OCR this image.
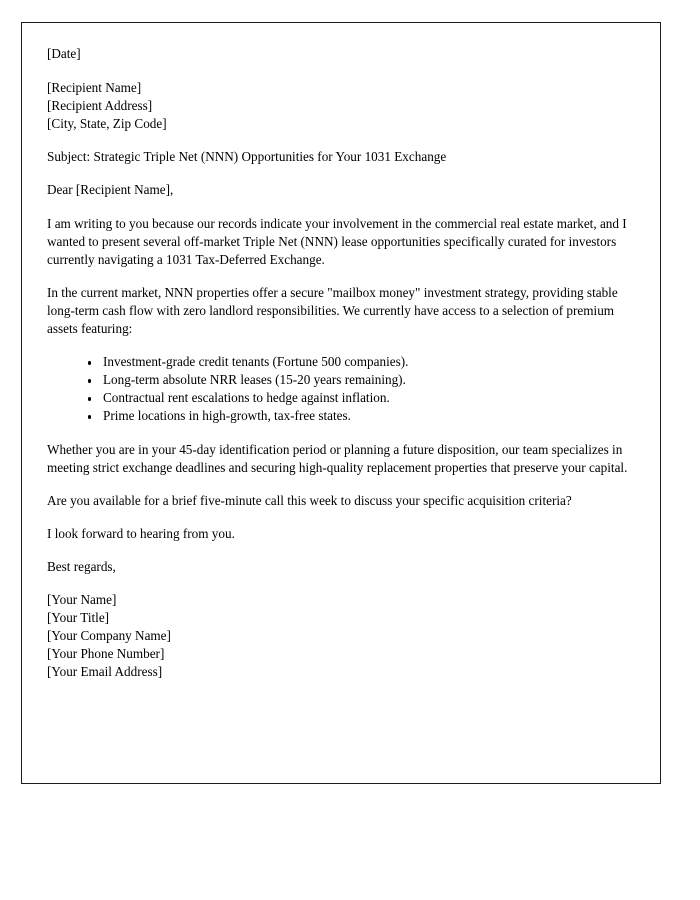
[Date]

[Recipient Name]
[Recipient Address]
[City, State, Zip Code]

Subject: Strategic Triple Net (NNN) Opportunities for Your 1031 Exchange

Dear [Recipient Name],

I am writing to you because our records indicate your involvement in the commercial real estate market, and I wanted to present several off-market Triple Net (NNN) lease opportunities specifically curated for investors currently navigating a 1031 Tax-Deferred Exchange.

In the current market, NNN properties offer a secure "mailbox money" investment strategy, providing stable long-term cash flow with zero landlord responsibilities. We currently have access to a selection of premium assets featuring:

Investment-grade credit tenants (Fortune 500 companies).
Long-term absolute NRR leases (15-20 years remaining).
Contractual rent escalations to hedge against inflation.
Prime locations in high-growth, tax-free states.

Whether you are in your 45-day identification period or planning a future disposition, our team specializes in meeting strict exchange deadlines and securing high-quality replacement properties that preserve your capital.

Are you available for a brief five-minute call this week to discuss your specific acquisition criteria?

I look forward to hearing from you.

Best regards,

[Your Name]
[Your Title]
[Your Company Name]
[Your Phone Number]
[Your Email Address]
